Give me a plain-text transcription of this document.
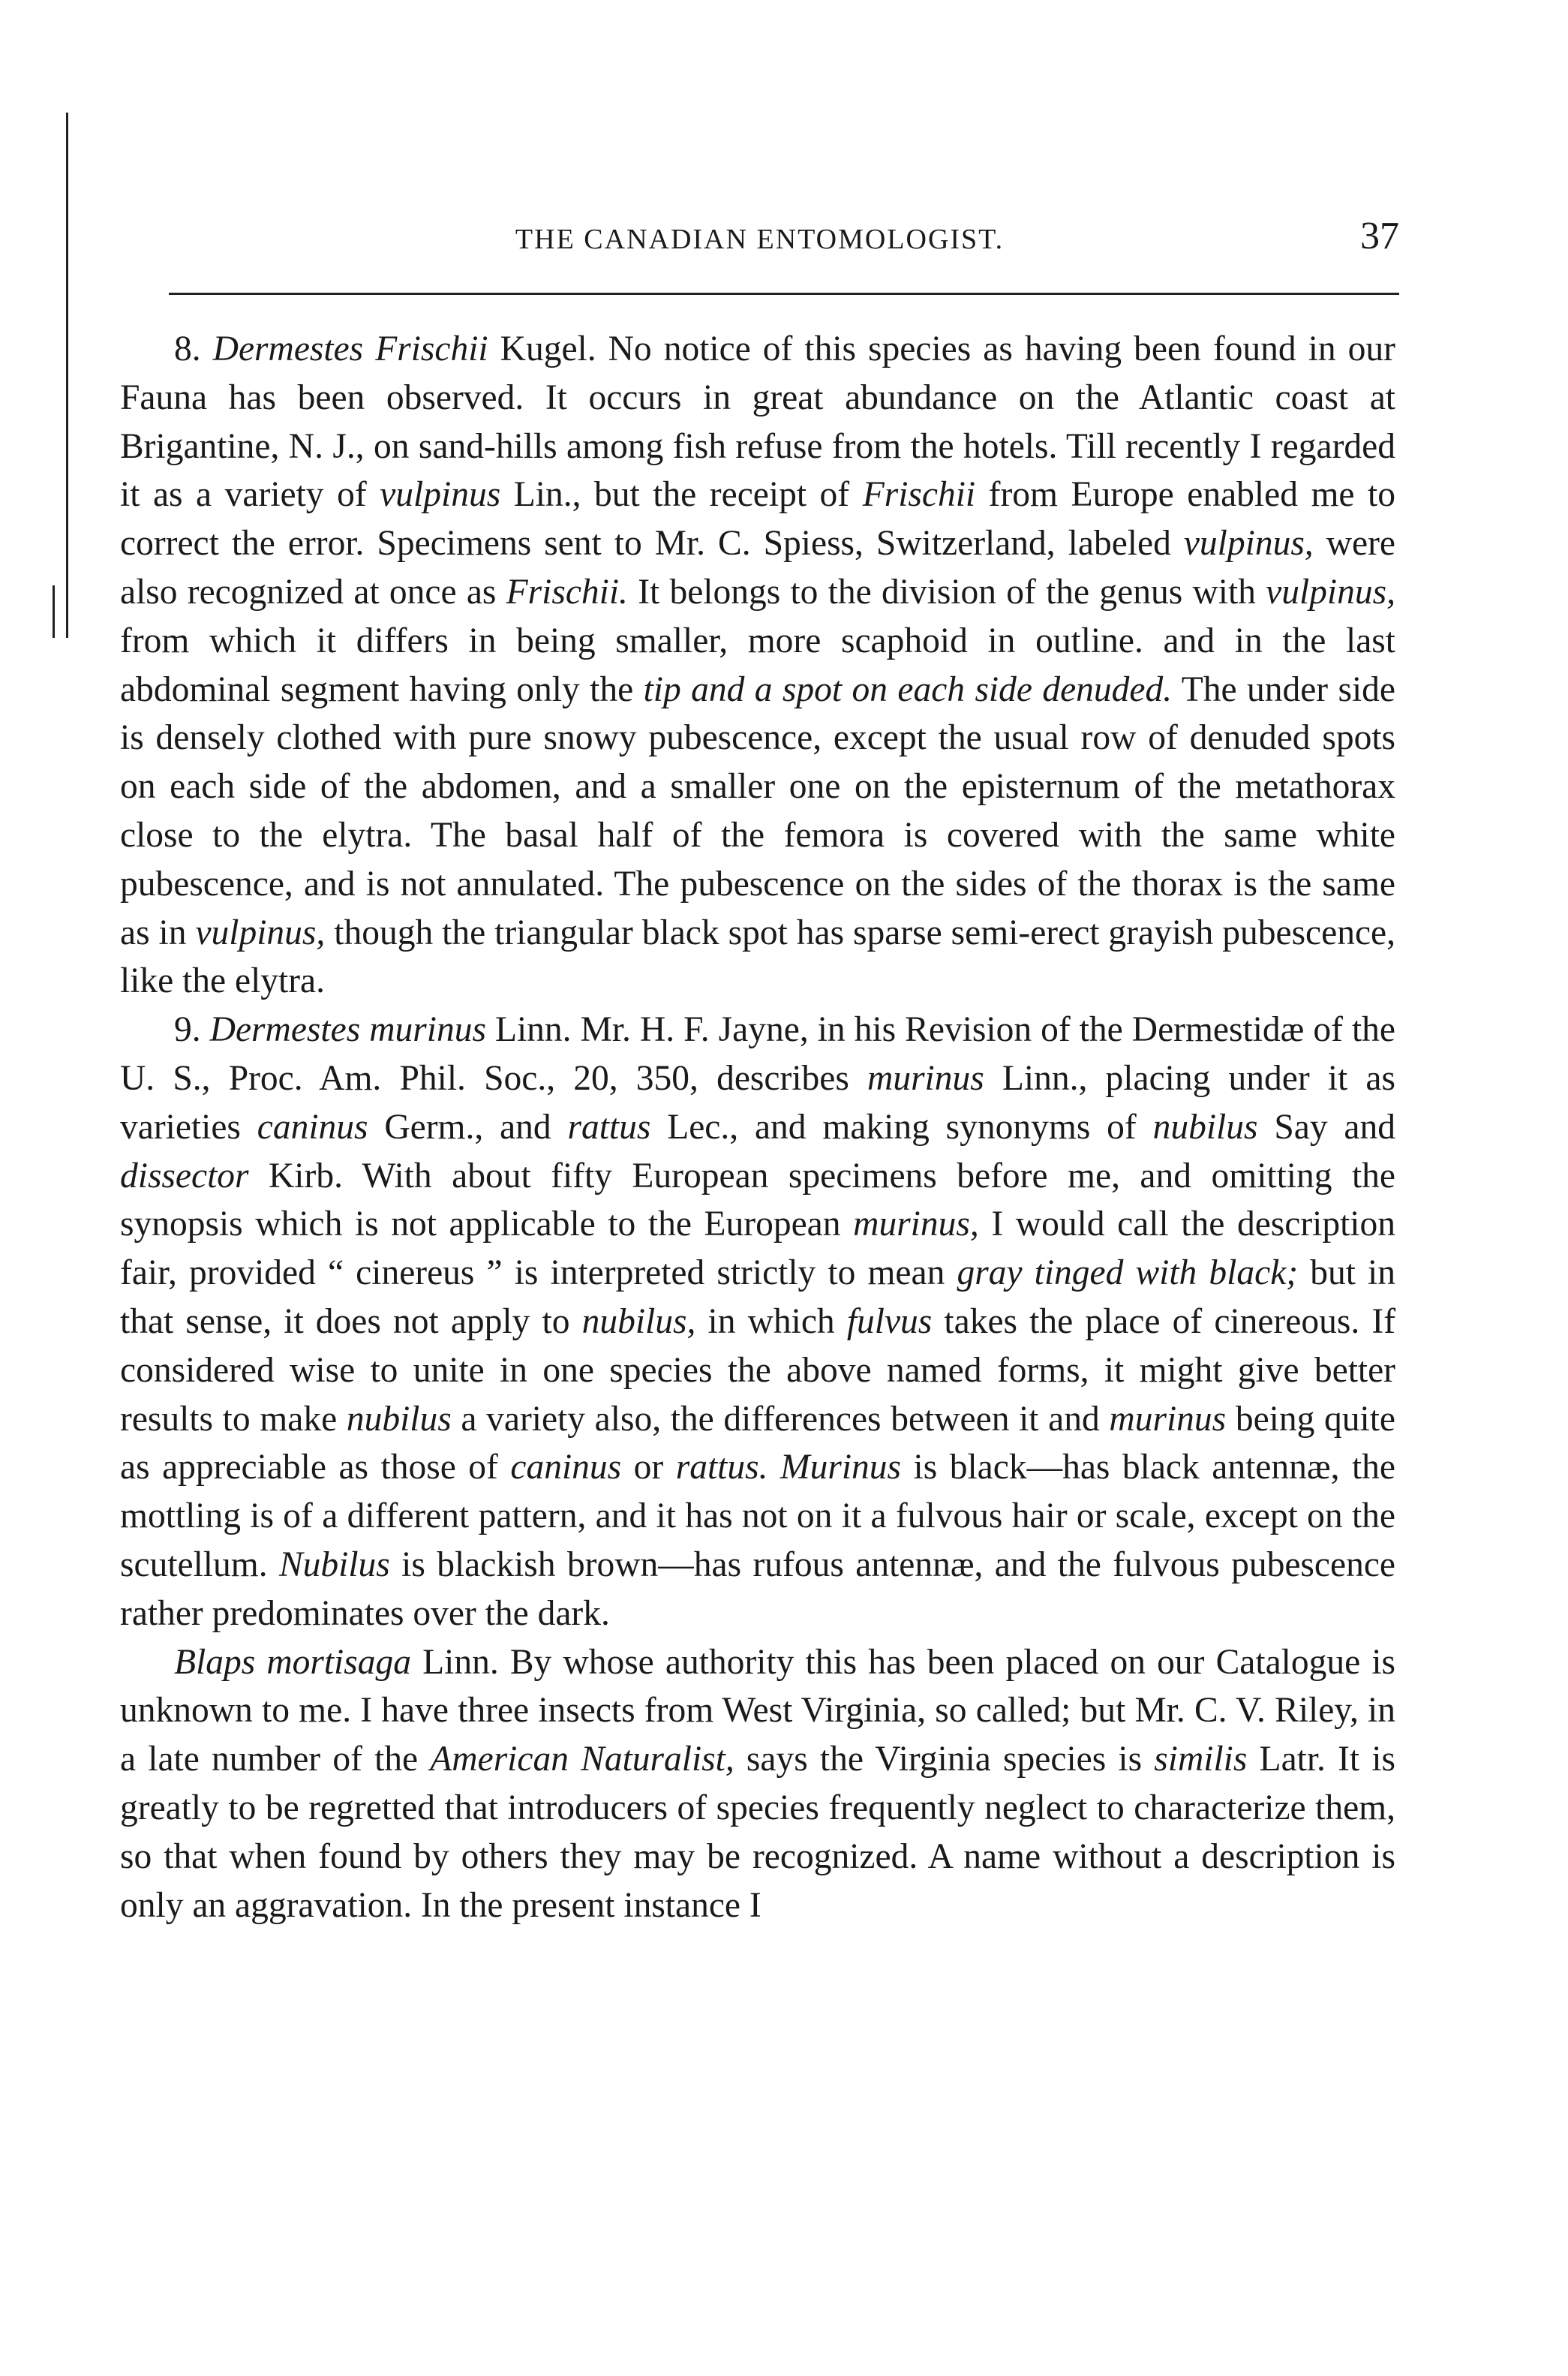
THE CANADIAN ENTOMOLOGIST.	37

8. Dermestes Frischii Kugel. No notice of this species as having been found in our Fauna has been observed. It occurs in great abundance on the Atlantic coast at Brigantine, N. J., on sand-hills among fish refuse from the hotels. Till recently I regarded it as a variety of vulpinus Lin., but the receipt of Frischii from Europe enabled me to correct the error. Specimens sent to Mr. C. Spiess, Switzerland, labeled vulpinus, were also recognized at once as Frischii. It belongs to the division of the genus with vulpinus, from which it differs in being smaller, more scaphoid in outline. and in the last abdominal segment having only the tip and a spot on each side denuded. The under side is densely clothed with pure snowy pubescence, except the usual row of denuded spots on each side of the abdomen, and a smaller one on the episternum of the metathorax close to the elytra. The basal half of the femora is covered with the same white pubescence, and is not annulated. The pubescence on the sides of the thorax is the same as in vulpinus, though the triangular black spot has sparse semi-erect grayish pubescence, like the elytra.

9. Dermestes murinus Linn. Mr. H. F. Jayne, in his Revision of the Dermestidæ of the U. S., Proc. Am. Phil. Soc., 20, 350, describes murinus Linn., placing under it as varieties caninus Germ., and rattus Lec., and making synonyms of nubilus Say and dissector Kirb. With about fifty European specimens before me, and omitting the synopsis which is not applicable to the European murinus, I would call the description fair, provided “ cinereus ” is interpreted strictly to mean gray tinged with black; but in that sense, it does not apply to nubilus, in which fulvus takes the place of cinereous. If considered wise to unite in one species the above named forms, it might give better results to make nubilus a variety also, the differences between it and murinus being quite as appreciable as those of caninus or rattus. Murinus is black—has black antennæ, the mottling is of a different pattern, and it has not on it a fulvous hair or scale, except on the scutellum. Nubilus is blackish brown—has rufous antennæ, and the fulvous pubescence rather predominates over the dark.

Blaps mortisaga Linn. By whose authority this has been placed on our Catalogue is unknown to me. I have three insects from West Virginia, so called; but Mr. C. V. Riley, in a late number of the American Naturalist, says the Virginia species is similis Latr. It is greatly to be regretted that introducers of species frequently neglect to characterize them, so that when found by others they may be recognized. A name without a description is only an aggravation. In the present instance I
